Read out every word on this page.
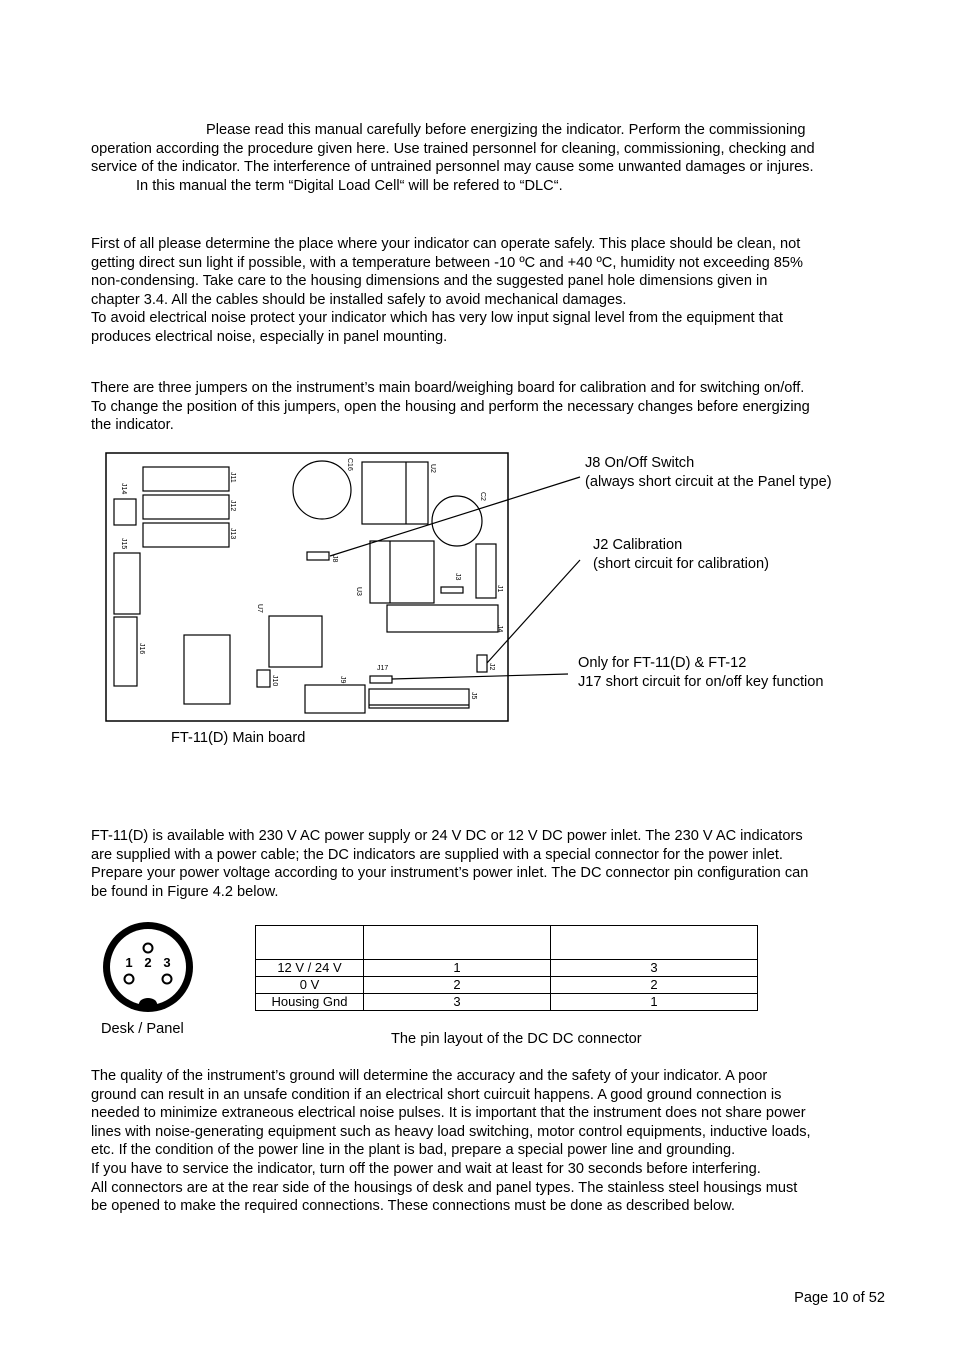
Please read this manual carefully before energizing the indicator. Perform the commissioning
operation according the procedure given here. Use trained personnel for cleaning, commissioning, checking and
service of the indicator. The interference of untrained personnel may cause some unwanted damages or injures.
In this manual the term “Digital Load Cell“ will be refered to “DLC“.
First of all please determine the place where your indicator can operate safely. This place should be clean, not
getting direct sun light if possible, with a temperature between -10 ºC and +40 ºC, humidity not exceeding 85%
non-condensing. Take care to the housing dimensions and the suggested panel hole dimensions given in
chapter 3.4. All the cables should be installed safely to avoid mechanical damages.
To avoid electrical noise protect your indicator which has very low input signal level from the equipment that
produces electrical noise, especially in panel mounting.
There are three jumpers on the instrument’s main board/weighing board for calibration and for switching on/off.
To change the position of this jumpers, open the housing and perform the necessary changes before energizing
the indicator.
J14
J11
J12
J13
J15
J16
C16	U2
C2
J8
U3
J3
J1
U7
J4
J2
J10	J9
J17
J5
J8 On/Off Switch
(always short circuit at the Panel type)
J2 Calibration
(short circuit for calibration)
Only for FT-11(D) & FT-12
J17 short circuit for on/off key function
FT-11(D) Main board
FT-11(D) is available with 230 V AC power supply or 24 V DC or 12 V DC power inlet. The 230 V AC indicators
are supplied with a power cable; the DC indicators are supplied with a special connector for the power inlet.
Prepare your power voltage according to your instrument’s power inlet. The DC connector pin configuration can
be found in Figure 4.2 below.
1 2 3
Desk / Panel

12 V / 24 V	1	3
0 V	2	2
Housing Gnd	3	1
The pin layout of the DC DC connector
The quality of the instrument’s ground will determine the accuracy and the safety of your indicator. A poor
ground can result in an unsafe condition if an electrical short cuircuit happens. A good ground connection is
needed to minimize extraneous electrical noise pulses. It is important that the instrument does not share power
lines with noise-generating equipment such as heavy load switching, motor control equipments, inductive loads,
etc. If the condition of the power line in the plant is bad, prepare a special power line and grounding.
If you have to service the indicator, turn off the power and wait at least for 30 seconds before interfering.
All connectors are at the rear side of the housings of desk and panel types. The stainless steel housings must
be opened to make the required connections. These connections must be done as described below.
Page 10 of 52
